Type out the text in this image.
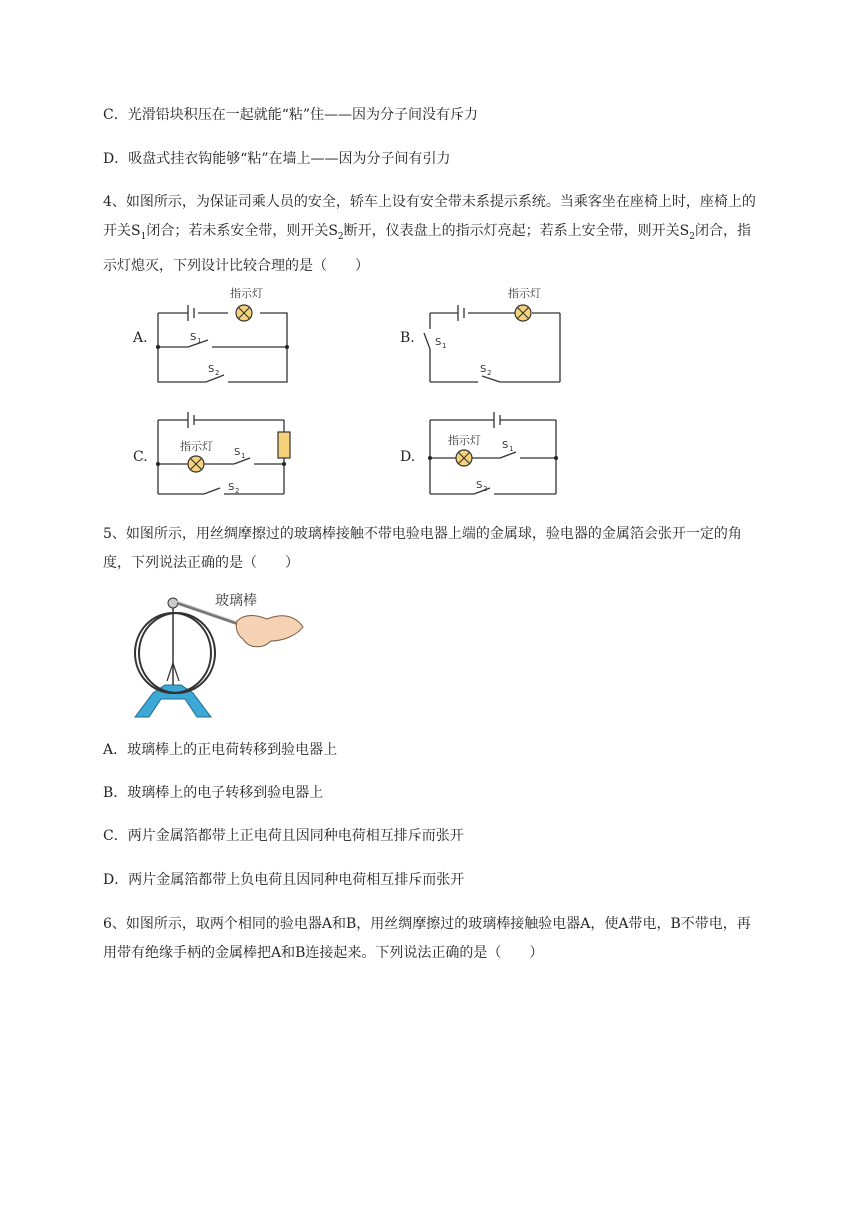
C．光滑铅块积压在一起就能“粘”住——因为分子间没有斥力
D．吸盘式挂衣钩能够“粘”在墙上——因为分子间有引力
4、如图所示，为保证司乘人员的安全，轿车上设有安全带未系提示系统。当乘客坐在座椅上时，座椅上的开关$S_1$闭合；若未系安全带，则开关$S_2$断开，仪表盘上的指示灯亮起；若系上安全带，则开关$S_2$闭合，指示灯熄灭，下列设计比较合理的是（　　）
A.	B.
C.	D.
指示灯
S 1
S 2
指示灯
S 1
S 2
指示灯 S 1
S 2
指示灯 S 1
S 2
5、如图所示，用丝绸摩擦过的玻璃棒接触不带电验电器上端的金属球，验电器的金属箔会张开一定的角度，下列说法正确的是（　　）
玻璃棒
A．玻璃棒上的正电荷转移到验电器上
B．玻璃棒上的电子转移到验电器上
C．两片金属箔都带上正电荷且因同种电荷相互排斥而张开
D．两片金属箔都带上负电荷且因同种电荷相互排斥而张开
6、如图所示，取两个相同的验电器A和B，用丝绸摩擦过的玻璃棒接触验电器A，使A带电，B不带电，再用带有绝缘手柄的金属棒把A和B连接起来。下列说法正确的是（　　）
